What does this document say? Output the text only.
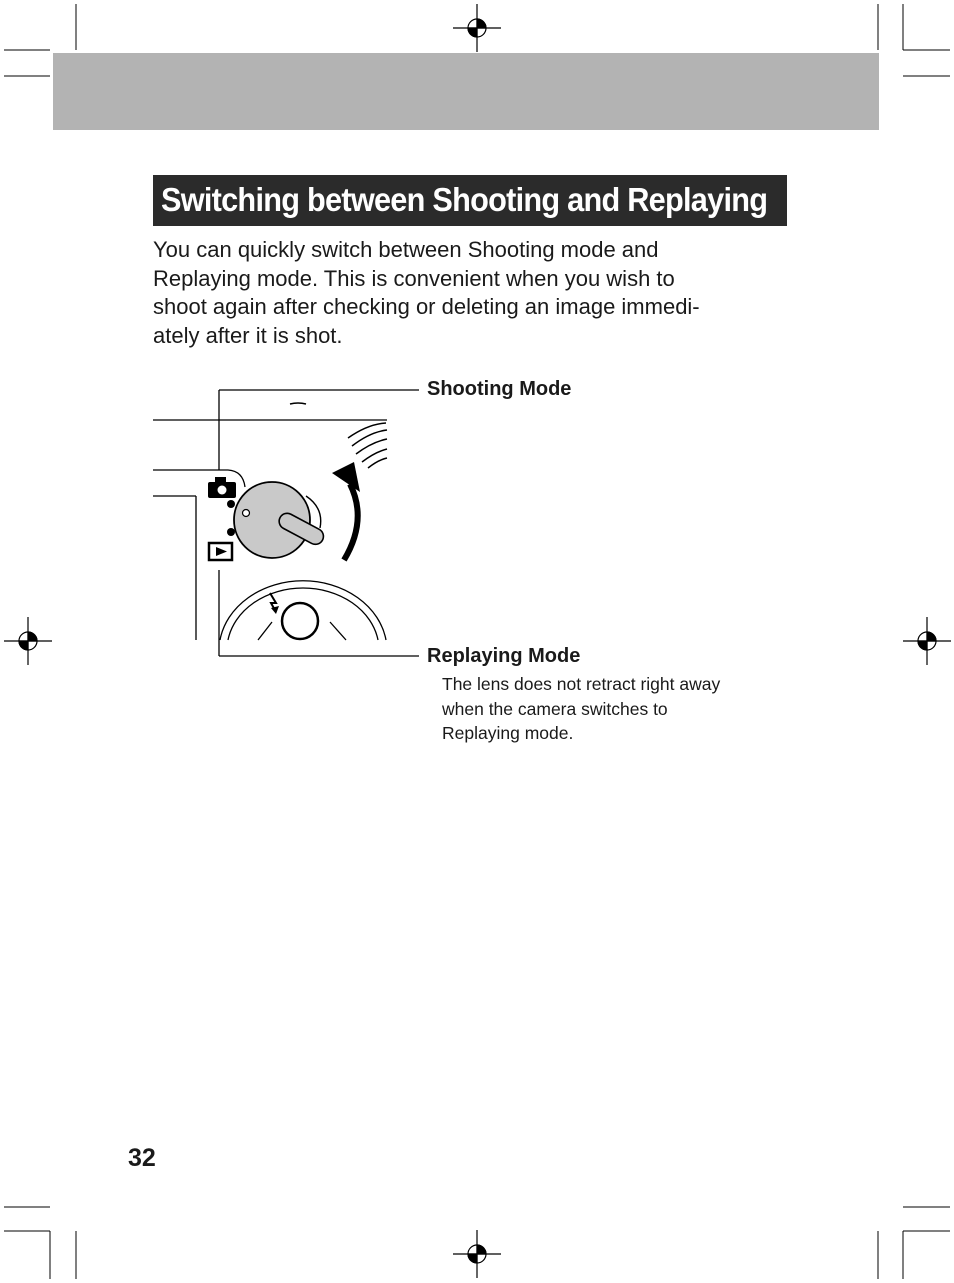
Switching between Shooting and Replaying
You can quickly switch between Shooting mode and
Replaying mode. This is convenient when you wish to
shoot again after checking or deleting an image immedi-
ately after it is shot.
Shooting Mode
Replaying Mode
The lens does not retract right away
when the camera switches to
Replaying mode.
32
